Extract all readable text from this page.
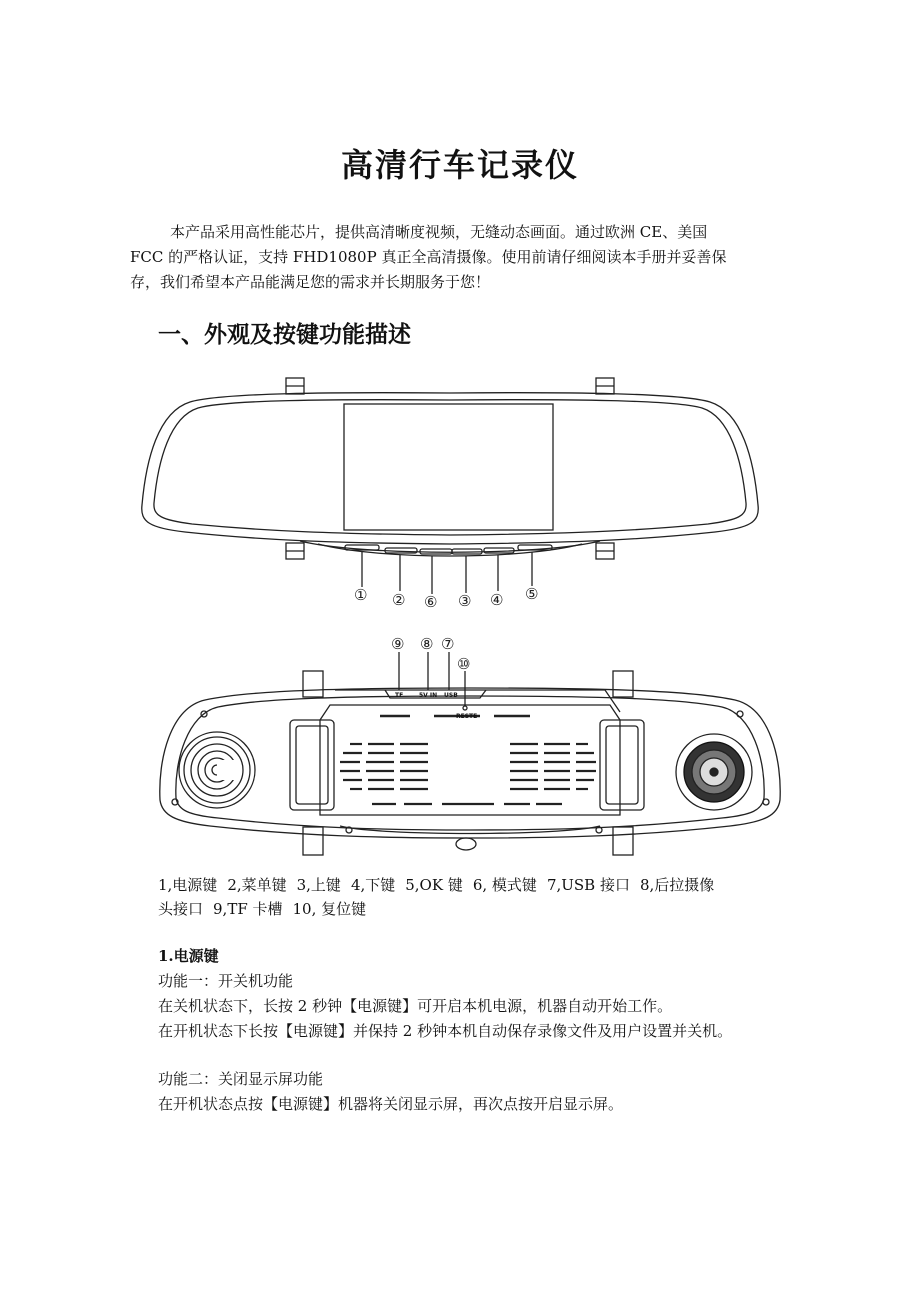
高清行车记录仪
本产品采用高性能芯片，提供高清晰度视频，无缝动态画面。通过欧洲 CE、美国
FCC 的严格认证，支持 FHD1080P 真正全高清摄像。使用前请仔细阅读本手册并妥善保
存，我们希望本产品能满足您的需求并长期服务于您！
一、外观及按键功能描述
① ② ⑥ ③ ④ ⑤
⑨ ⑧ ⑦
⑩
TF	5V IN USB
RESTE
1,电源键 2,菜单键 3,上键 4,下键 5,OK 键 6, 模式键 7,USB 接口 8,后拉摄像
头接口 9,TF 卡槽 10, 复位键

1.电源键

功能一：开关机功能

在关机状态下，长按 2 秒钟【电源键】可开启本机电源，机器自动开始工作。

在开机状态下长按【电源键】并保持 2 秒钟本机自动保存录像文件及用户设置并关机。

功能二：关闭显示屏功能

在开机状态点按【电源键】机器将关闭显示屏，再次点按开启显示屏。
